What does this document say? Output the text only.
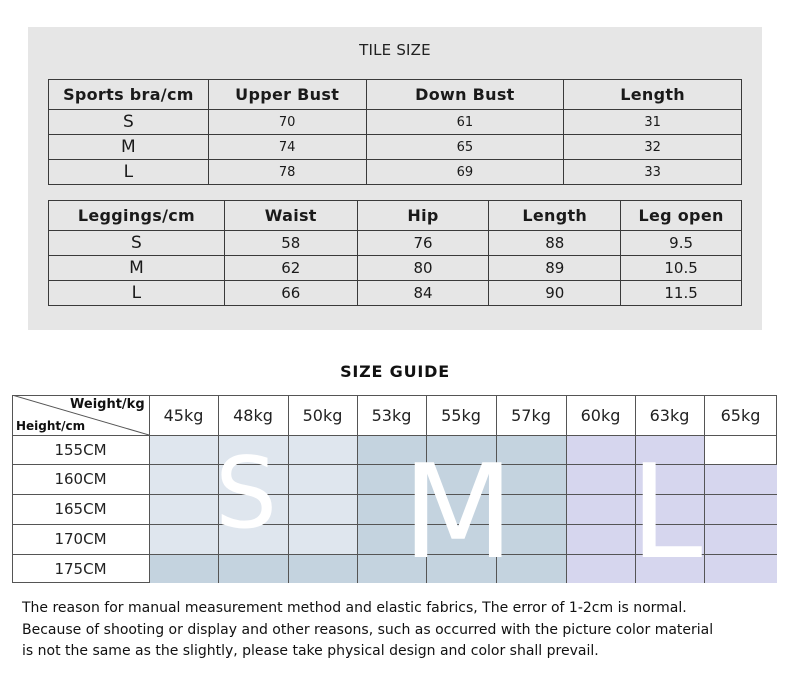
TILE SIZE
Sports bra/cm	Upper Bust	Down Bust	Length
S	70	61	31
M	74	65	32
L	78	69	33
Leggings/cm	Waist	Hip	Length	Leg open
S	58	76	88	9.5
M	62	80	89	10.5
L	66	84	90	11.5
SIZE GUIDE
Weight/kg
Height/cm
45kg	48kg	50kg	53kg	55kg	57kg	60kg	63kg	65kg
155CM
160CM
165CM
170CM
175CM
S M L

The reason for manual measurement method and elastic fabrics, The error of 1-2cm is normal.

Because of shooting or display and other reasons, such as occurred with the picture color material

is not the same as the slightly, please take physical design and color shall prevail.
